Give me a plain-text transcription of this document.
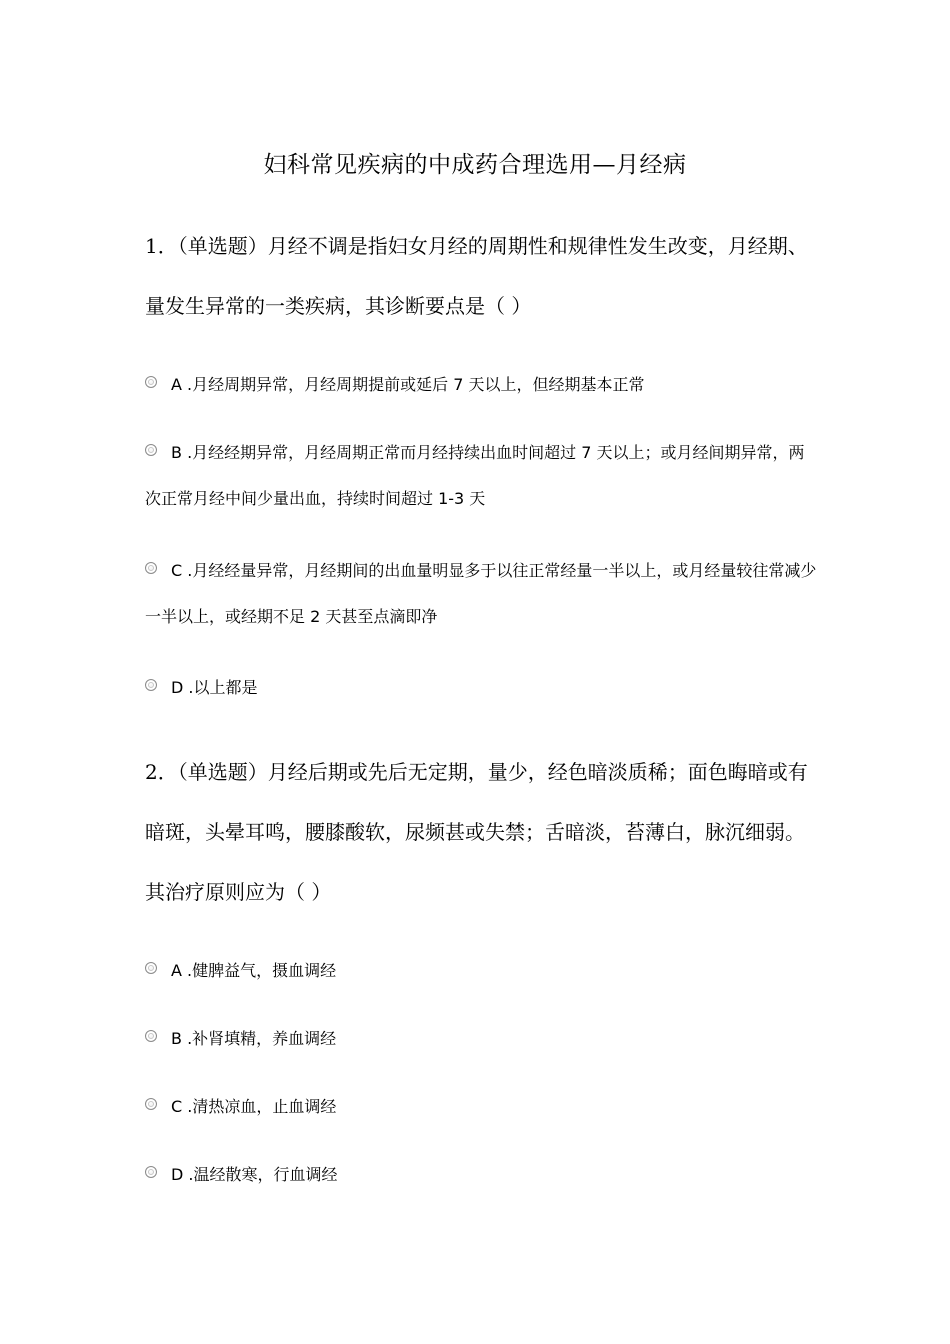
妇科常见疾病的中成药合理选用—月经病

1．（单选题）月经不调是指妇女月经的周期性和规律性发生改变，月经期、量发生异常的一类疾病，其诊断要点是（ ）

A .月经周期异常，月经周期提前或延后 7 天以上，但经期基本正常
B .月经经期异常，月经周期正常而月经持续出血时间超过 7 天以上；或月经间期异常，两次正常月经中间少量出血，持续时间超过 1-3 天
C .月经经量异常，月经期间的出血量明显多于以往正常经量一半以上，或月经量较往常减少一半以上，或经期不足 2 天甚至点滴即净
D .以上都是

2．（单选题）月经后期或先后无定期，量少，经色暗淡质稀；面色晦暗或有暗斑，头晕耳鸣，腰膝酸软，尿频甚或失禁；舌暗淡，苔薄白，脉沉细弱。其治疗原则应为（ ）

A .健脾益气，摄血调经
B .补肾填精，养血调经
C .清热凉血，止血调经
D .温经散寒，行血调经
